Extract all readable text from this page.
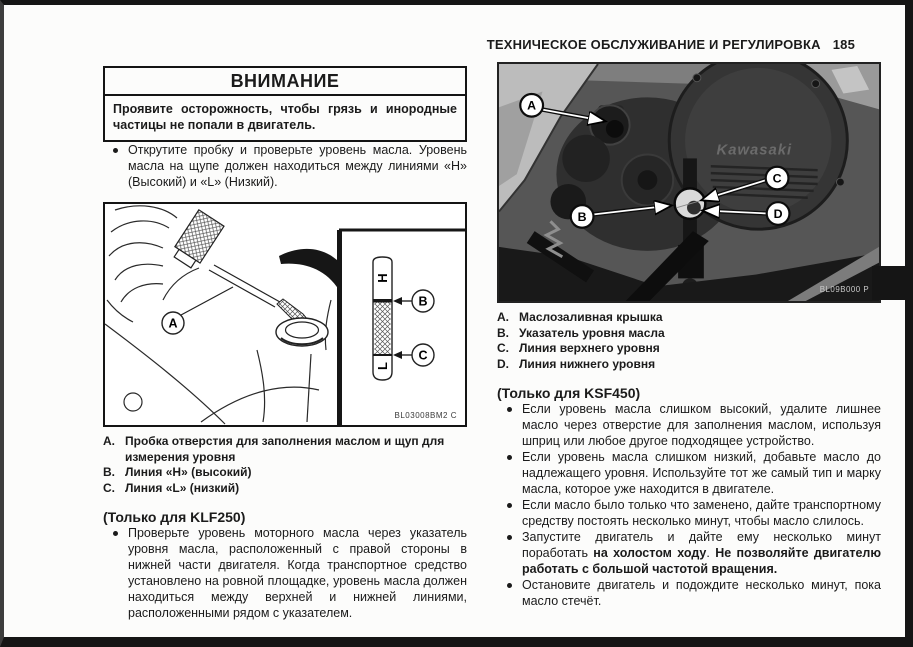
ТЕХНИЧЕСКОЕ ОБСЛУЖИВАНИЕ И РЕГУЛИРОВКА 185
ВНИМАНИЕ
Проявите осторожность, чтобы грязь и инородные частицы не попали в двигатель.
Открутите пробку и проверьте уровень масла. Уровень масла на щупе должен находиться между линиями «H» (Высокий) и «L» (Низкий).
A
H
L
B
C
BL03008BM2 C
A. Пробка отверстия для заполнения маслом и щуп для измерения уровня
B. Линия «H» (высокий)
C. Линия «L» (низкий)
(Только для KLF250)
Проверьте уровень моторного масла через указатель уровня масла, расположенный с правой стороны в нижней части двигателя. Когда транспортное средство установлено на ровной площадке, уровень масла должен находиться между верхней и нижней линиями, расположенными рядом с указателем.
Kawasaki
BL09B000 P
A
B
C
D
A. Маслозаливная крышка
B. Указатель уровня масла
C. Линия верхнего уровня
D. Линия нижнего уровня
(Только для KSF450)
Если уровень масла слишком высокий, удалите лишнее масло через отверстие для заполнения маслом, используя шприц или любое другое подходящее устройство.
Если уровень масла слишком низкий, добавьте масло до надлежащего уровня. Используйте тот же самый тип и марку масла, которое уже находится в двигателе.
Если масло было только что заменено, дайте транспортному средству постоять несколько минут, чтобы масло слилось.
Запустите двигатель и дайте ему несколько минут поработать на холостом ходу. Не позволяйте двигателю работать с большой частотой вращения.
Остановите двигатель и подождите несколько минут, пока масло стечёт.
